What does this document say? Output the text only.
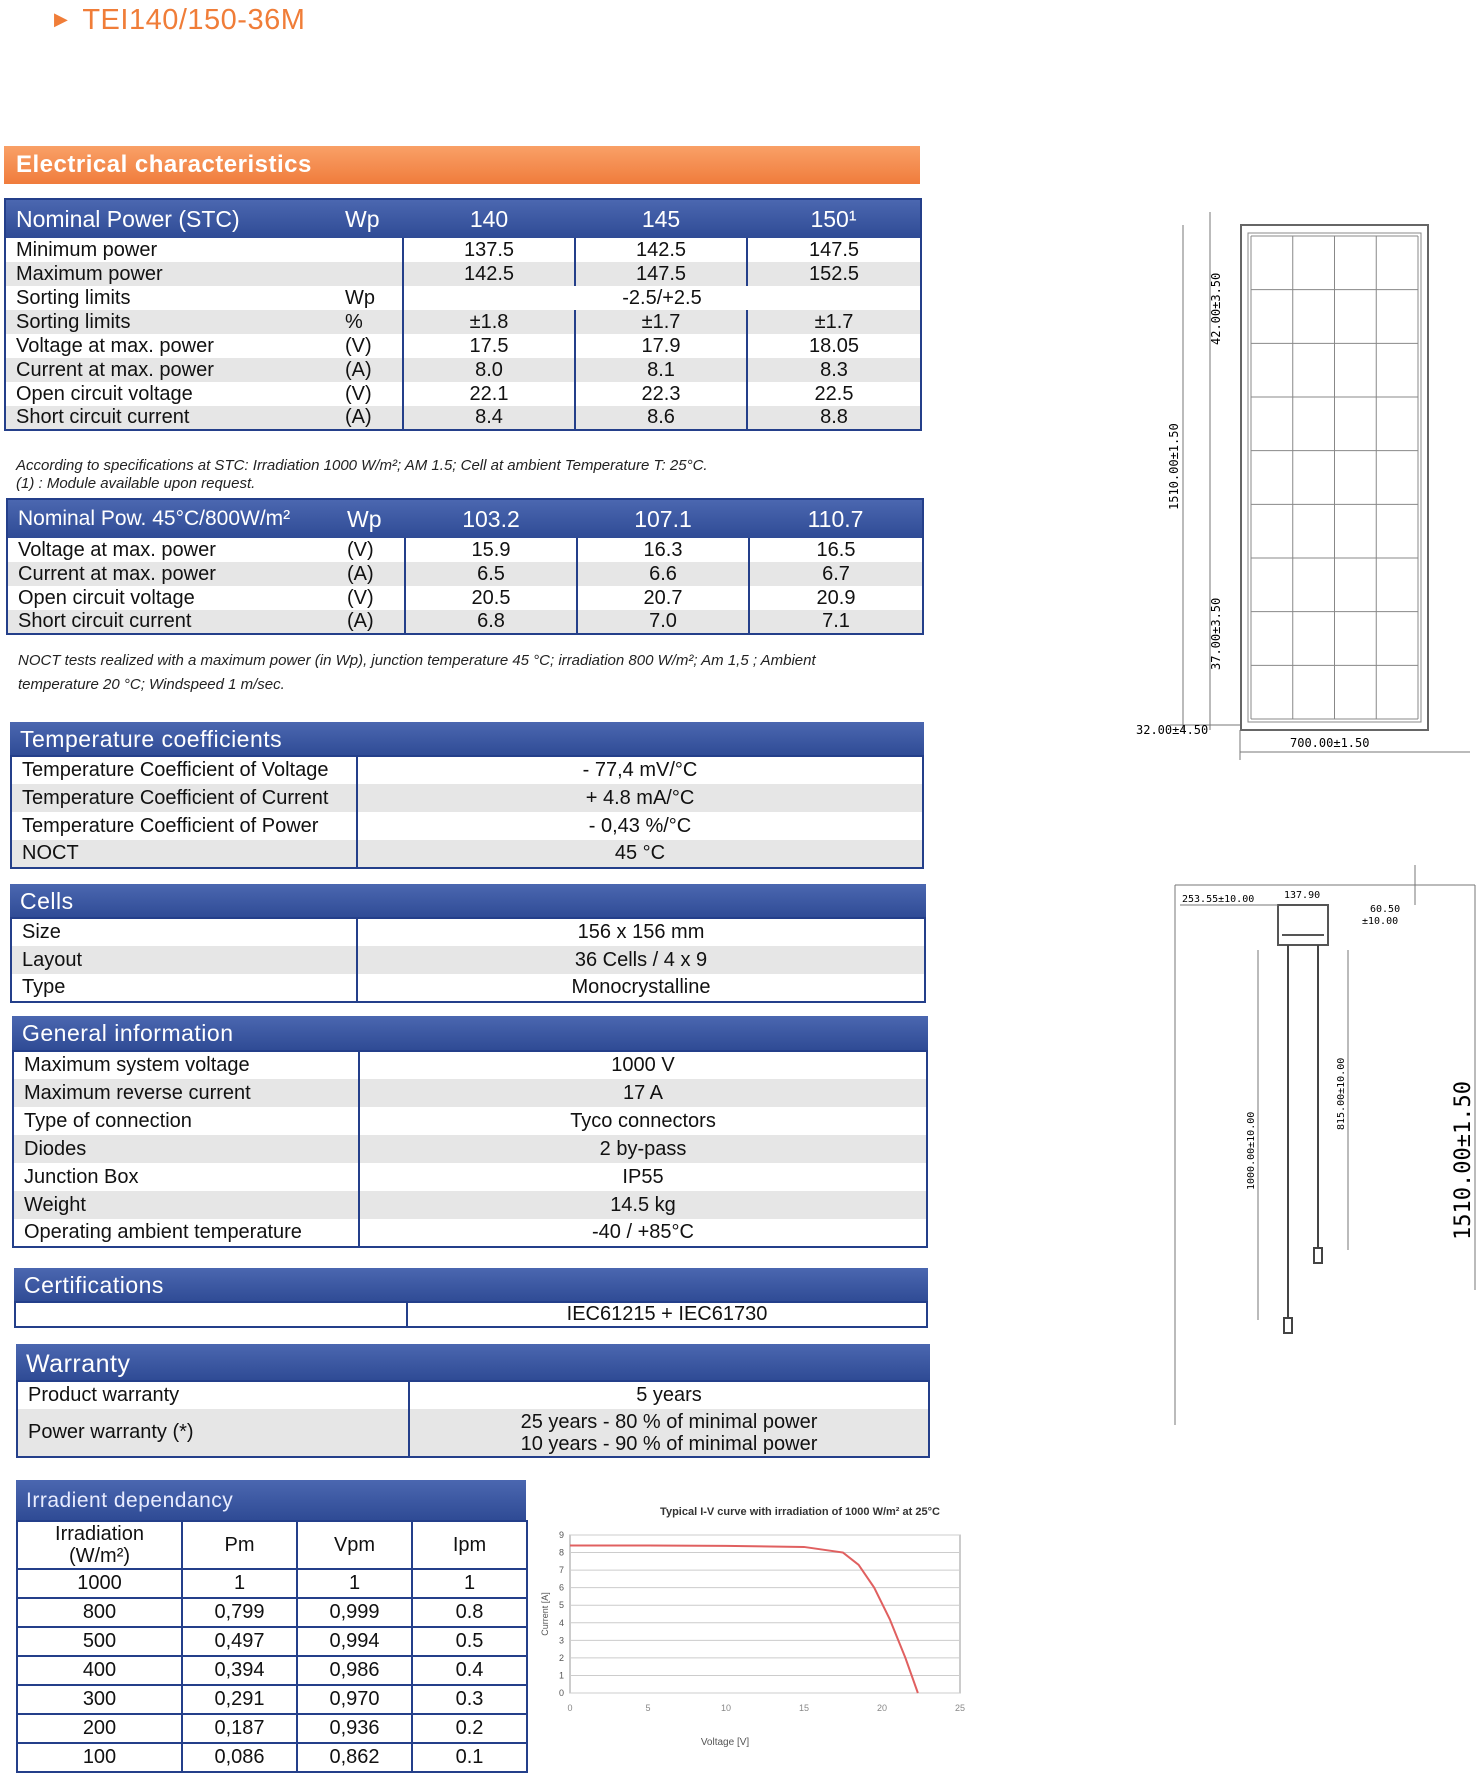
▶ TEI140/150-36M
Electrical characteristics
Nominal Power (STC)	Wp	140	145	150¹
Minimum power		137.5	142.5	147.5
Maximum power		142.5	147.5	152.5
Sorting limits	Wp	-2.5/+2.5		
Sorting limits	%	±1.8	±1.7	±1.7
Voltage at max. power	(V)	17.5	17.9	18.05
Current at max. power	(A)	8.0	8.1	8.3
Open circuit voltage	(V)	22.1	22.3	22.5
Short circuit current	(A)	8.4	8.6	8.8
According to specifications at STC: Irradiation 1000 W/m²; AM 1.5; Cell at ambient Temperature T: 25°C.
(1) : Module available upon request.
Nominal Pow. 45°C/800W/m²	Wp	103.2	107.1	110.7
Voltage at max. power	(V)	15.9	16.3	16.5
Current at max. power	(A)	6.5	6.6	6.7
Open circuit voltage	(V)	20.5	20.7	20.9
Short circuit current	(A)	6.8	7.0	7.1
NOCT tests realized with a maximum power (in Wp), junction temperature 45 °C; irradiation 800 W/m²; Am 1,5 ; Ambient
temperature 20 °C; Windspeed 1 m/sec.
Temperature coefficients
Temperature Coefficient of Voltage	- 77,4 mV/°C
Temperature Coefficient of Current	+ 4.8 mA/°C
Temperature Coefficient of Power	- 0,43 %/°C
NOCT	45 °C
Cells
Size	156 x 156 mm
Layout	36 Cells / 4 x 9
Type	Monocrystalline
General information
Maximum system voltage	1000 V
Maximum reverse current	17 A
Type of connection	Tyco connectors
Diodes	2 by-pass
Junction Box	IP55
Weight	14.5 kg
Operating ambient temperature	-40 / +85°C
Certifications
	IEC61215 + IEC61730
Warranty
Product warranty	5 years
Power warranty (*)	25 years - 80 % of minimal power
10 years - 90 % of minimal power
Irradient dependancy
Irradiation
(W/m²)	Pm	Vpm	Ipm
1000	1	1	1
800	0,799	0,999	0.8
500	0,497	0,994	0.5
400	0,394	0,986	0.4
300	0,291	0,970	0.3
200	0,187	0,936	0.2
100	0,086	0,862	0.1
Typical I-V curve with irradiation of 1000 W/m² at 25°C
0
1
2
3
4
5
6
7
8
9
0	5	10	15	20	25
Current [A]
Voltage [V]
1510.00±1.50
42.00±3.50
37.00±3.50
32.00±4.50
700.00±1.50
137.90
253.55±10.00
60.50
±10.00
1000.00±10.00
815.00±10.00	1510.00±1.50
